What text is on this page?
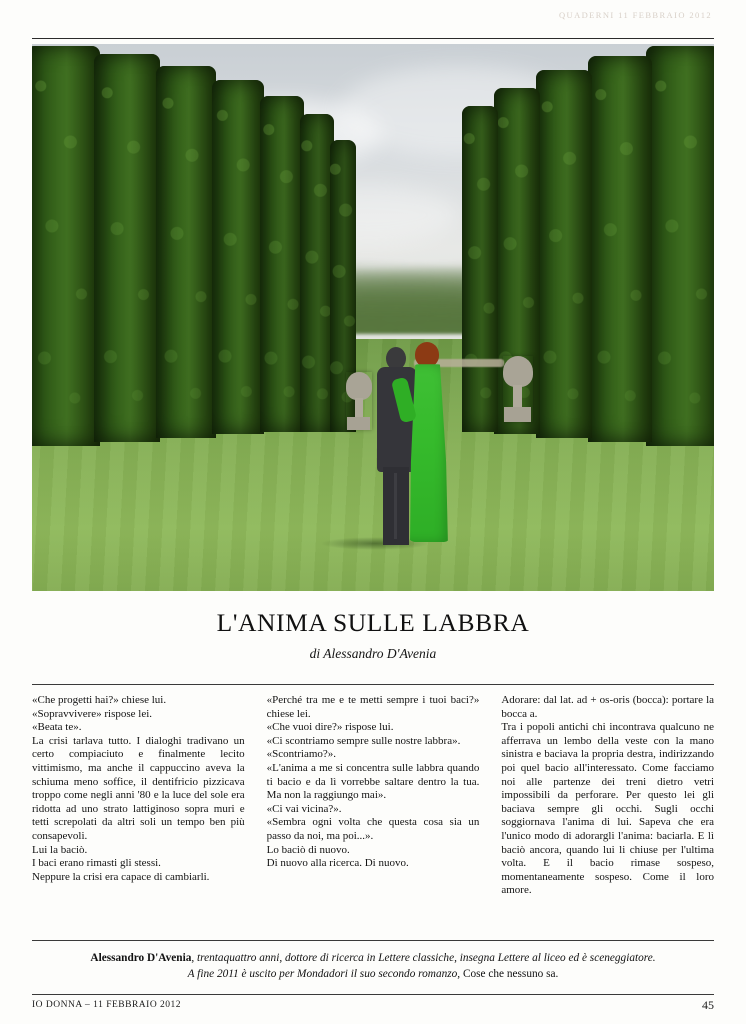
QUADERNI 11 FEBBRAIO 2012
L'ANIMA SULLE LABBRA
di Alessandro D'Avenia

«Che progetti hai?» chiese lui.

«Sopravvivere» rispose lei.

«Beata te».

La crisi tarlava tutto. I dialoghi tradivano un certo compiaciuto e finalmente lecito vittimismo, ma anche il cappuccino aveva la schiuma meno soffice, il dentifricio pizzicava troppo come negli anni '80 e la luce del sole era ridotta ad uno strato lattiginoso sopra muri e tetti screpolati da altri soli un tempo ben più consapevoli.

Lui la baciò.

I baci erano rimasti gli stessi.

Neppure la crisi era capace di cambiarli.

«Perché tra me e te metti sempre i tuoi baci?» chiese lei.

«Che vuoi dire?» rispose lui.

«Ci scontriamo sempre sulle nostre labbra».

«Scontriamo?».

«L'anima a me si concentra sulle labbra quando ti bacio e da lì vorrebbe saltare dentro la tua. Ma non la raggiungo mai».

«Ci vai vicina?».

«Sembra ogni volta che questa cosa sia un passo da noi, ma poi...».

Lo baciò di nuovo.

Di nuovo alla ricerca. Di nuovo.

Adorare: dal lat. ad + os-oris (bocca): portare la bocca a.

Tra i popoli antichi chi incontrava qualcuno ne afferrava un lembo della veste con la mano sinistra e baciava la propria destra, indirizzando poi quel bacio all'interessato. Come facciamo noi alle partenze dei treni dietro vetri impossibili da perforare. Per questo lei gli baciava sempre gli occhi. Sugli occhi soggiornava l'anima di lui. Sapeva che era l'unico modo di adorargli l'anima: baciarla. E lì baciò ancora, quando lui li chiuse per l'ultima volta. E il bacio rimase sospeso, momentaneamente sospeso. Come il loro amore.

Alessandro D'Avenia, trentaquattro anni, dottore di ricerca in Lettere classiche, insegna Lettere al liceo ed è sceneggiatore.
A fine 2011 è uscito per Mondadori il suo secondo romanzo, Cose che nessuno sa.
IO DONNA – 11 FEBBRAIO 2012	45
